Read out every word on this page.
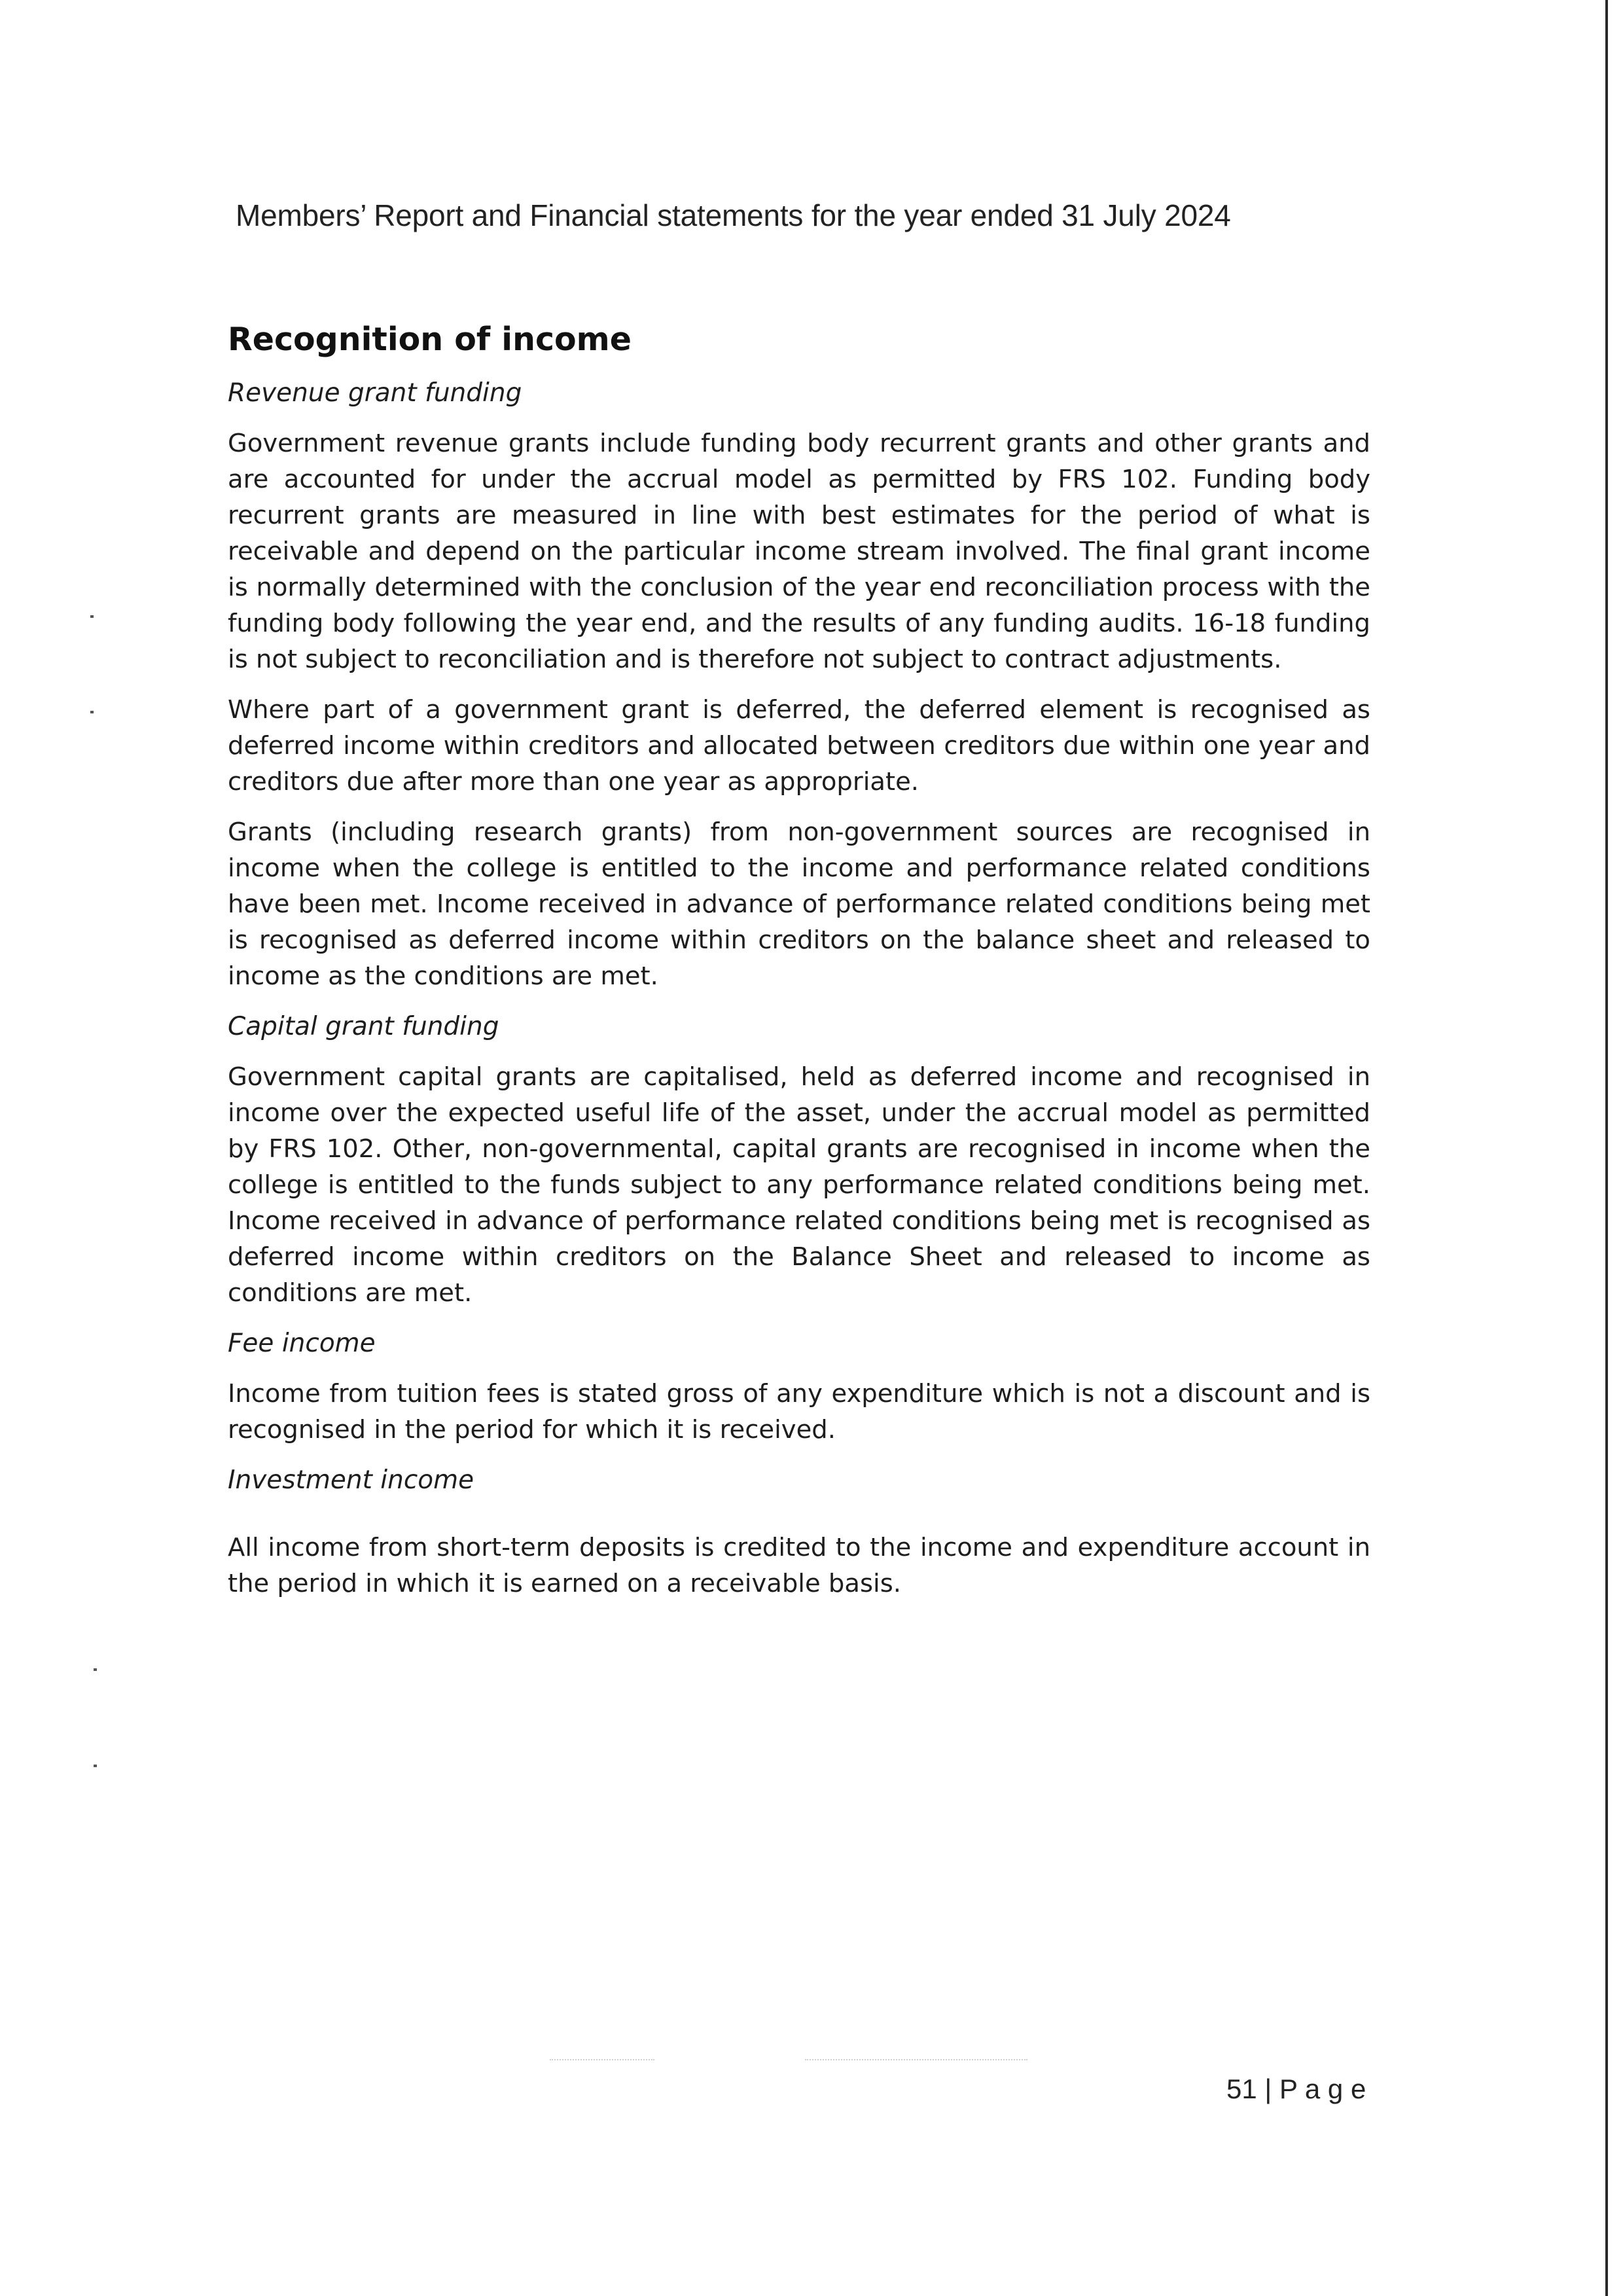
Members’ Report and Financial statements for the year ended 31 July 2024
Recognition of income

Revenue grant funding

Government revenue grants include funding body recurrent grants and other grants and are accounted for under the accrual model as permitted by FRS 102. Funding body recurrent grants are measured in line with best estimates for the period of what is receivable and depend on the particular income stream involved. The final grant income is normally determined with the conclusion of the year end reconciliation process with the funding body following the year end, and the results of any funding audits. 16-18 funding is not subject to reconciliation and is therefore not subject to contract adjustments.

Where part of a government grant is deferred, the deferred element is recognised as deferred income within creditors and allocated between creditors due within one year and creditors due after more than one year as appropriate.

Grants (including research grants) from non-government sources are recognised in income when the college is entitled to the income and performance related conditions have been met. Income received in advance of performance related conditions being met is recognised as deferred income within creditors on the balance sheet and released to income as the conditions are met.

Capital grant funding

Government capital grants are capitalised, held as deferred income and recognised in income over the expected useful life of the asset, under the accrual model as permitted by FRS 102. Other, non-governmental, capital grants are recognised in income when the college is entitled to the funds subject to any performance related conditions being met. Income received in advance of performance related conditions being met is recognised as deferred income within creditors on the Balance Sheet and released to income as conditions are met.

Fee income

Income from tuition fees is stated gross of any expenditure which is not a discount and is recognised in the period for which it is received.

Investment income

All income from short-term deposits is credited to the income and expenditure account in the period in which it is earned on a receivable basis.

51 | P a g e
